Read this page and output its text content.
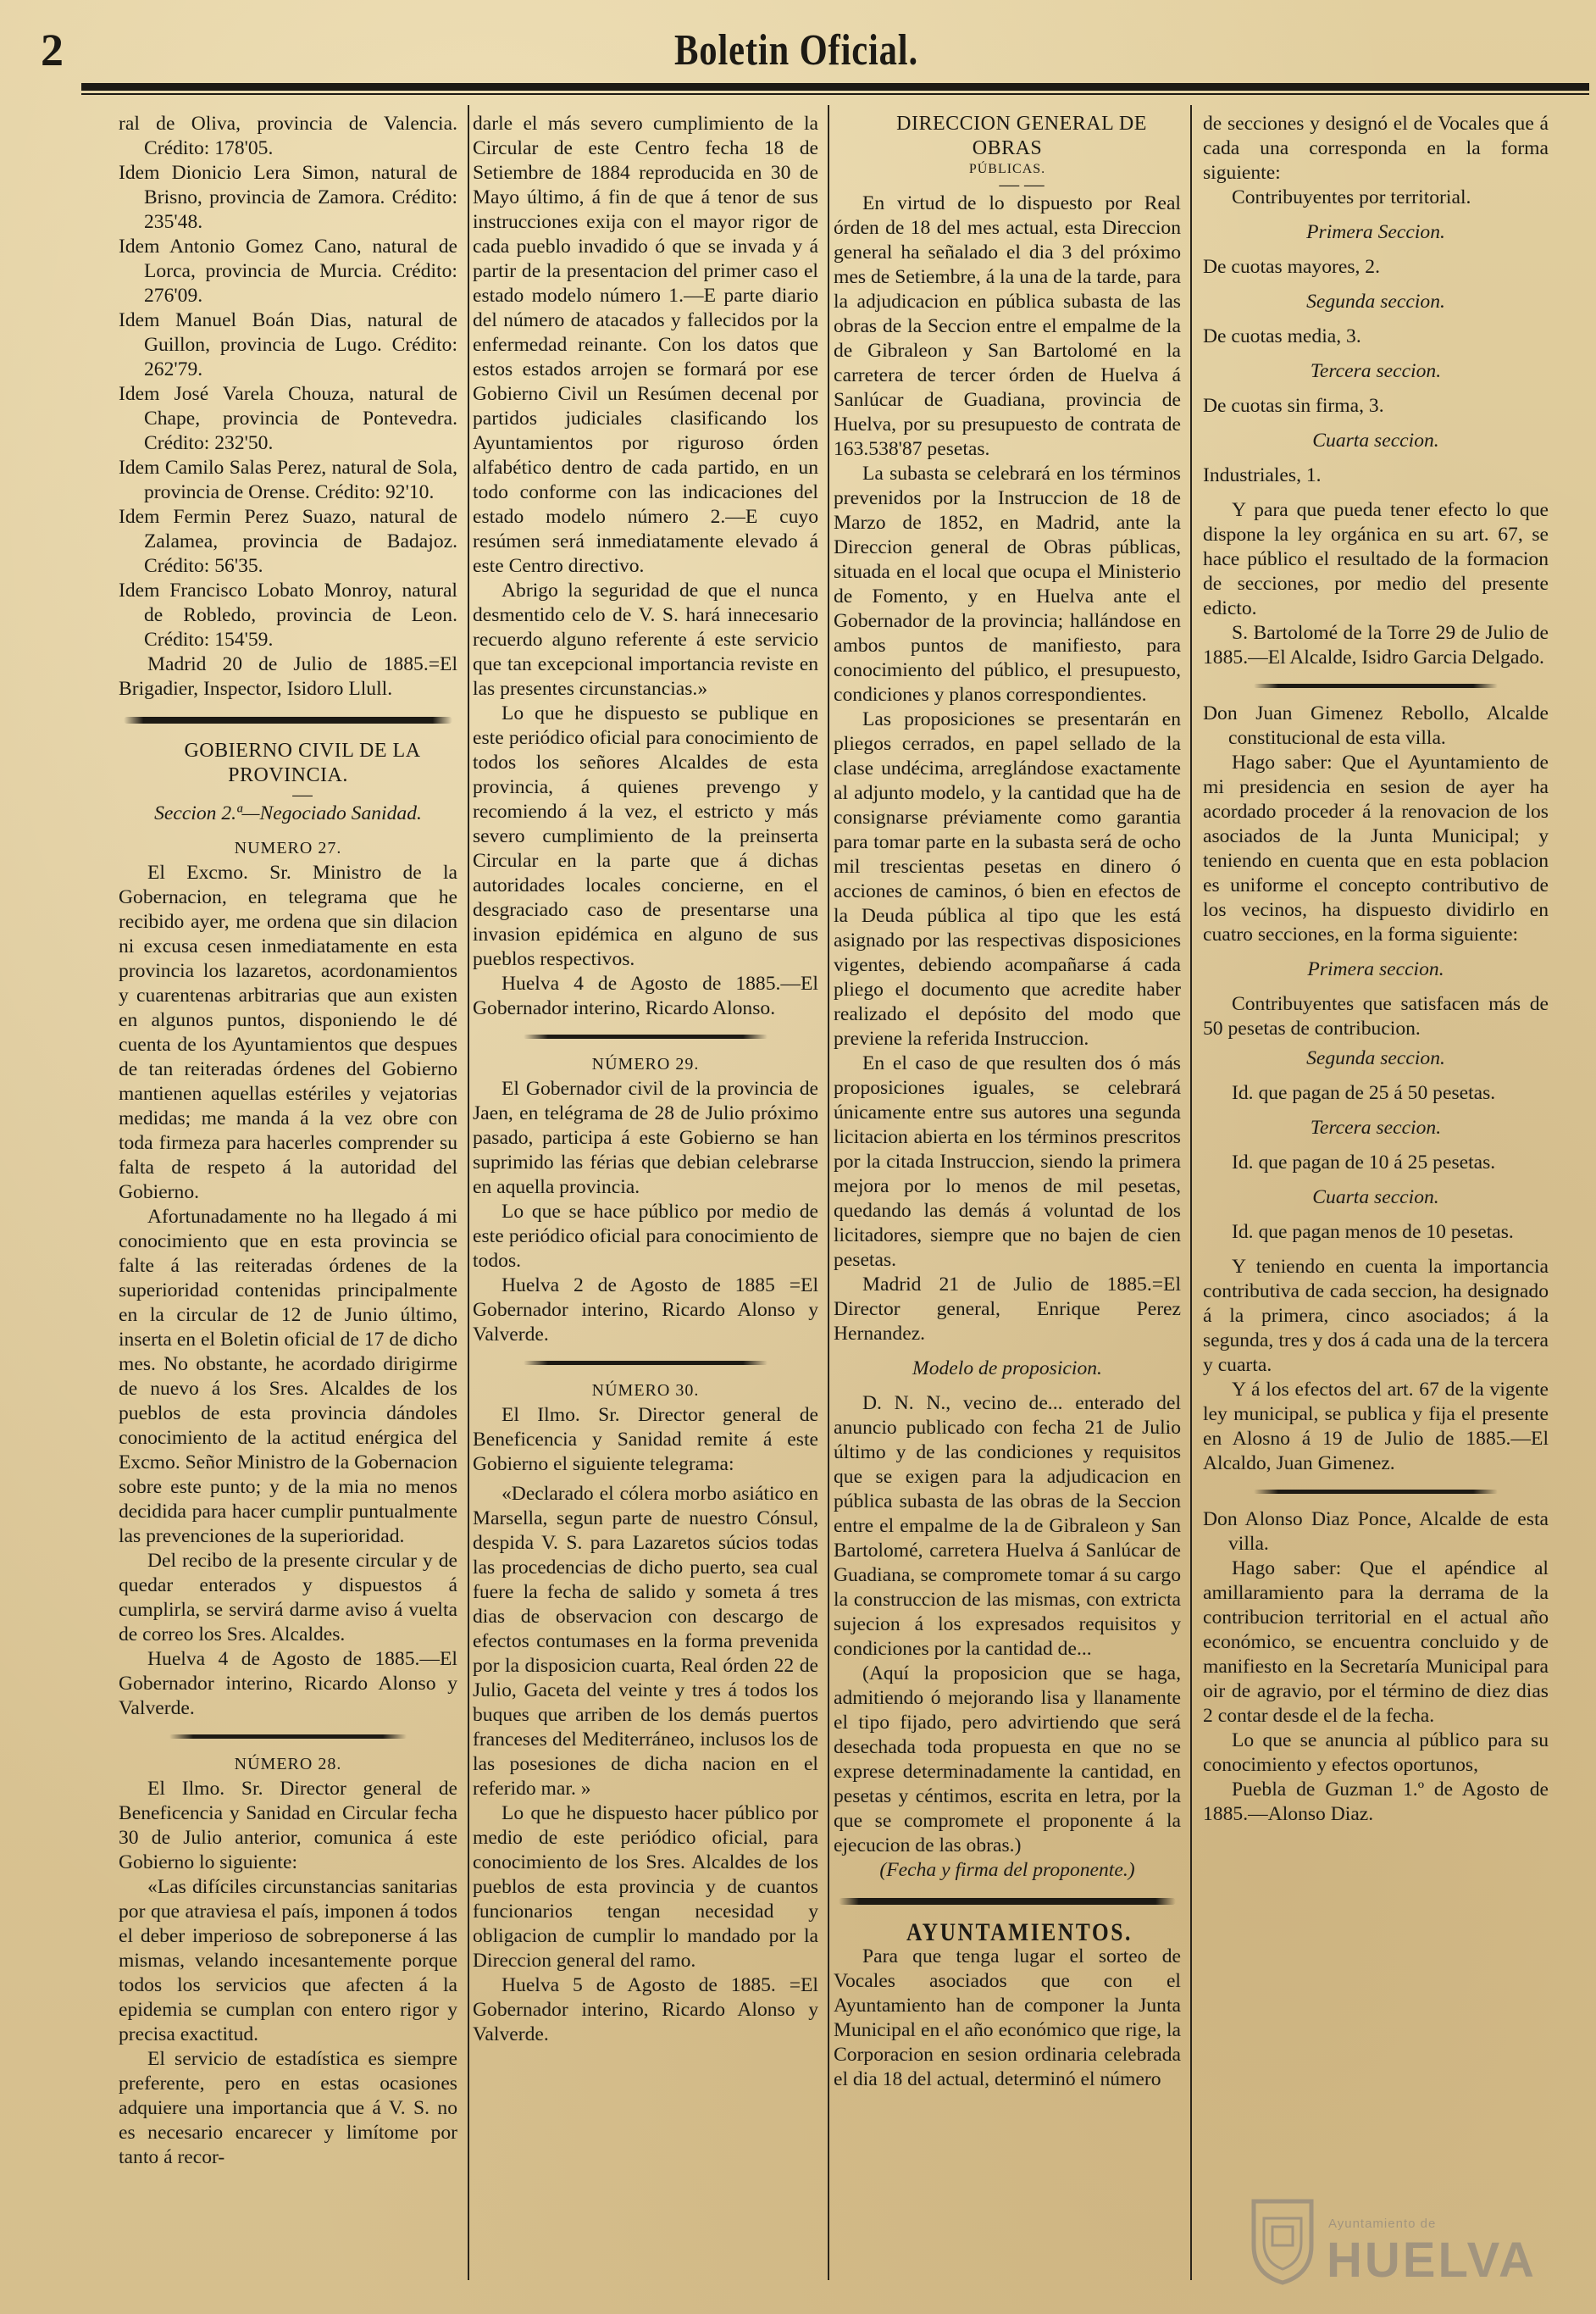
2	Boletin Oficial.

ral de Oliva, provincia de Valencia. Crédito: 178'05.

Idem Dionicio Lera Simon, natural de Brisno, provincia de Zamora. Crédito: 235'48.

Idem Antonio Gomez Cano, natural de Lorca, provincia de Murcia. Crédito: 276'09.

Idem Manuel Boán Dias, natural de Guillon, provincia de Lugo. Crédito: 262'79.

Idem José Varela Chouza, natural de Chape, provincia de Pontevedra. Crédito: 232'50.

Idem Camilo Salas Perez, natural de Sola, provincia de Orense. Crédito: 92'10.

Idem Fermin Perez Suazo, natural de Zalamea, provincia de Badajoz. Crédito: 56'35.

Idem Francisco Lobato Monroy, natural de Robledo, provincia de Leon. Crédito: 154'59.

Madrid 20 de Julio de 1885.=El Brigadier, Inspector, Isidoro Llull.

GOBIERNO CIVIL DE LA PROVINCIA.

—

Seccion 2.ª—Negociado Sanidad.

NUMERO 27.

El Excmo. Sr. Ministro de la Gobernacion, en telegrama que he recibido ayer, me ordena que sin dilacion ni excusa cesen inmediatamente en esta provincia los lazaretos, acordonamientos y cuarentenas arbitrarias que aun existen en algunos puntos, disponiendo le dé cuenta de los Ayuntamientos que despues de tan reiteradas órdenes del Gobierno mantienen aquellas estériles y vejatorias medidas; me manda á la vez obre con toda firmeza para hacerles comprender su falta de respeto á la autoridad del Gobierno.

Afortunadamente no ha llegado á mi conocimiento que en esta provincia se falte á las reiteradas órdenes de la superioridad contenidas principalmente en la circular de 12 de Junio último, inserta en el Boletin oficial de 17 de dicho mes. No obstante, he acordado dirigirme de nuevo á los Sres. Alcaldes de los pueblos de esta provincia dándoles conocimiento de la actitud enérgica del Excmo. Señor Ministro de la Gobernacion sobre este punto; y de la mia no menos decidida para hacer cumplir puntualmente las prevenciones de la superioridad.

Del recibo de la presente circular y de quedar enterados y dispuestos á cumplirla, se servirá darme aviso á vuelta de correo los Sres. Alcaldes.

Huelva 4 de Agosto de 1885.—El Gobernador interino, Ricardo Alonso y Valverde.

NÚMERO 28.

El Ilmo. Sr. Director general de Beneficencia y Sanidad en Circular fecha 30 de Julio anterior, comunica á este Gobierno lo siguiente:

«Las difíciles circunstancias sanitarias por que atraviesa el país, imponen á todos el deber imperioso de sobreponerse á las mismas, velando incesantemente porque todos los servicios que afecten á la epidemia se cumplan con entero rigor y precisa exactitud.

El servicio de estadística es siempre preferente, pero en estas ocasiones adquiere una importancia que á V. S. no es necesario encarecer y limítome por tanto á recor-

darle el más severo cumplimiento de la Circular de este Centro fecha 18 de Setiembre de 1884 reproducida en 30 de Mayo último, á fin de que á tenor de sus instrucciones exija con el mayor rigor de cada pueblo invadido ó que se invada y á partir de la presentacion del primer caso el estado modelo número 1.—E parte diario del número de atacados y fallecidos por la enfermedad reinante. Con los datos que estos estados arrojen se formará por ese Gobierno Civil un Resúmen decenal por partidos judiciales clasificando los Ayuntamientos por riguroso órden alfabético dentro de cada partido, en un todo conforme con las indicaciones del estado modelo número 2.—E cuyo resúmen será inmediatamente elevado á este Centro directivo.

Abrigo la seguridad de que el nunca desmentido celo de V. S. hará innecesario recuerdo alguno referente á este servicio que tan excepcional importancia reviste en las presentes circunstancias.»

Lo que he dispuesto se publique en este periódico oficial para conocimiento de todos los señores Alcaldes de esta provincia, á quienes prevengo y recomiendo á la vez, el estricto y más severo cumplimiento de la preinserta Circular en la parte que á dichas autoridades locales concierne, en el desgraciado caso de presentarse una invasion epidémica en alguno de sus pueblos respectivos.

Huelva 4 de Agosto de 1885.—El Gobernador interino, Ricardo Alonso.

NÚMERO 29.

El Gobernador civil de la provincia de Jaen, en telégrama de 28 de Julio próximo pasado, participa á este Gobierno se han suprimido las férias que debian celebrarse en aquella provincia.

Lo que se hace público por medio de este periódico oficial para conocimiento de todos.

Huelva 2 de Agosto de 1885 =El Gobernador interino, Ricardo Alonso y Valverde.

NÚMERO 30.

El Ilmo. Sr. Director general de Beneficencia y Sanidad remite á este Gobierno el siguiente telegrama:

«Declarado el cólera morbo asiático en Marsella, segun parte de nuestro Cónsul, despida V. S. para Lazaretos súcios todas las procedencias de dicho puerto, sea cual fuere la fecha de salido y someta á tres dias de observacion con descargo de efectos contumases en la forma prevenida por la disposicion cuarta, Real órden 22 de Julio, Gaceta del veinte y tres á todos los buques que arriben de los demás puertos franceses del Mediterráneo, inclusos los de las posesiones de dicha nacion en el referido mar. »

Lo que he dispuesto hacer público por medio de este periódico oficial, para conocimiento de los Sres. Alcaldes de los pueblos de esta provincia y de cuantos funcionarios tengan necesidad y obligacion de cumplir lo mandado por la Direccion general del ramo.

Huelva 5 de Agosto de 1885. =El Gobernador interino, Ricardo Alonso y Valverde.

DIRECCION GENERAL DE OBRAS

PÚBLICAS.

— —

En virtud de lo dispuesto por Real órden de 18 del mes actual, esta Direccion general ha señalado el dia 3 del próximo mes de Setiembre, á la una de la tarde, para la adjudicacion en pública subasta de las obras de la Seccion entre el empalme de la de Gibraleon y San Bartolomé en la carretera de tercer órden de Huelva á Sanlúcar de Guadiana, provincia de Huelva, por su presupuesto de contrata de 163.538'87 pesetas.

La subasta se celebrará en los términos prevenidos por la Instruccion de 18 de Marzo de 1852, en Madrid, ante la Direccion general de Obras públicas, situada en el local que ocupa el Ministerio de Fomento, y en Huelva ante el Gobernador de la provincia; hallándose en ambos puntos de manifiesto, para conocimiento del público, el presupuesto, condiciones y planos correspondientes.

Las proposiciones se presentarán en pliegos cerrados, en papel sellado de la clase undécima, arreglándose exactamente al adjunto modelo, y la cantidad que ha de consignarse préviamente como garantia para tomar parte en la subasta será de ocho mil trescientas pesetas en dinero ó acciones de caminos, ó bien en efectos de la Deuda pública al tipo que les está asignado por las respectivas disposiciones vigentes, debiendo acompañarse á cada pliego el documento que acredite haber realizado el depósito del modo que previene la referida Instruccion.

En el caso de que resulten dos ó más proposiciones iguales, se celebrará únicamente entre sus autores una segunda licitacion abierta en los términos prescritos por la citada Instruccion, siendo la primera mejora por lo menos de mil pesetas, quedando las demás á voluntad de los licitadores, siempre que no bajen de cien pesetas.

Madrid 21 de Julio de 1885.=El Director general, Enrique Perez Hernandez.

Modelo de proposicion.

D. N. N., vecino de... enterado del anuncio publicado con fecha 21 de Julio último y de las condiciones y requisitos que se exigen para la adjudicacion en pública subasta de las obras de la Seccion entre el empalme de la de Gibraleon y San Bartolomé, carretera Huelva á Sanlúcar de Guadiana, se compromete tomar á su cargo la construccion de las mismas, con extricta sujecion á los expresados requisitos y condiciones por la cantidad de...

(Aquí la proposicion que se haga, admitiendo ó mejorando lisa y llanamente el tipo fijado, pero advirtiendo que será desechada toda propuesta en que no se exprese determinadamente la cantidad, en pesetas y céntimos, escrita en letra, por la que se compromete el proponente á la ejecucion de las obras.)

(Fecha y firma del proponente.)

AYUNTAMIENTOS.

Para que tenga lugar el sorteo de Vocales asociados que con el Ayuntamiento han de componer la Junta Municipal en el año económico que rige, la Corporacion en sesion ordinaria celebrada el dia 18 del actual, determinó el número

de secciones y designó el de Vocales que á cada una corresponda en la forma siguiente:

Contribuyentes por territorial.

Primera Seccion.

De cuotas mayores, 2.

Segunda seccion.

De cuotas media, 3.

Tercera seccion.

De cuotas sin firma, 3.

Cuarta seccion.

Industriales, 1.

Y para que pueda tener efecto lo que dispone la ley orgánica en su art. 67, se hace público el resultado de la formacion de secciones, por medio del presente edicto.

S. Bartolomé de la Torre 29 de Julio de 1885.—El Alcalde, Isidro Garcia Delgado.

Don Juan Gimenez Rebollo, Alcalde constitucional de esta villa.

Hago saber: Que el Ayuntamiento de mi presidencia en sesion de ayer ha acordado proceder á la renovacion de los asociados de la Junta Municipal; y teniendo en cuenta que en esta poblacion es uniforme el concepto contributivo de los vecinos, ha dispuesto dividirlo en cuatro secciones, en la forma siguiente:

Primera seccion.

Contribuyentes que satisfacen más de 50 pesetas de contribucion.

Segunda seccion.

Id. que pagan de 25 á 50 pesetas.

Tercera seccion.

Id. que pagan de 10 á 25 pesetas.

Cuarta seccion.

Id. que pagan menos de 10 pesetas.

Y teniendo en cuenta la importancia contributiva de cada seccion, ha designado á la primera, cinco asociados; á la segunda, tres y dos á cada una de la tercera y cuarta.

Y á los efectos del art. 67 de la vigente ley municipal, se publica y fija el presente en Alosno á 19 de Julio de 1885.—El Alcaldo, Juan Gimenez.

Don Alonso Diaz Ponce, Alcalde de esta villa.

Hago saber: Que el apéndice al amillaramiento para la derrama de la contribucion territorial en el actual año económico, se encuentra concluido y de manifiesto en la Secretaría Municipal para oir de agravio, por el término de diez dias 2 contar desde el de la fecha.

Lo que se anuncia al público para su conocimiento y efectos oportunos,

Puebla de Guzman 1.º de Agosto de 1885.—Alonso Diaz.

Ayuntamiento de
HUELVA
